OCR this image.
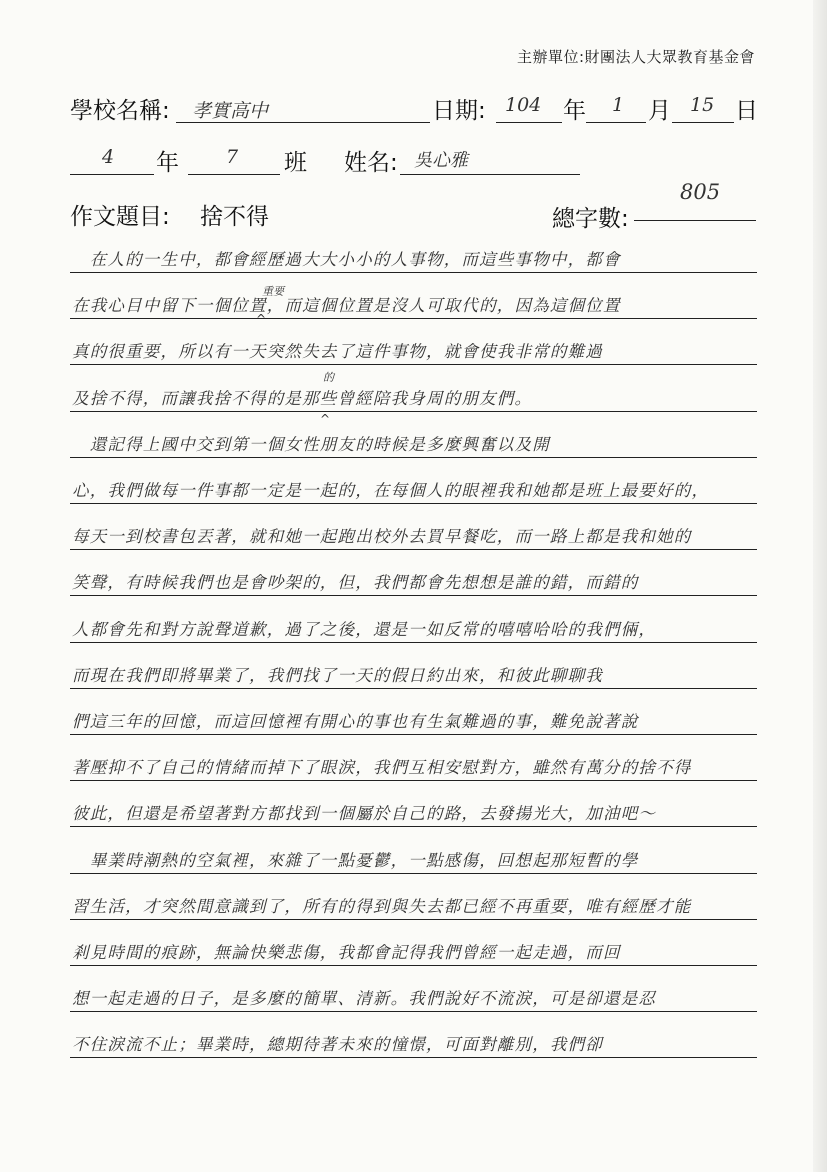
主辦單位:財團法人大眾教育基金會
學校名稱: 孝實高中	日期: 104 年 1 月 15 日
4 年 7 班 姓名: 吳心雅
作文題目: 捨不得	總字數:
805
　在人的一生中，都會經歷過大大小小的人事物，而這些事物中，都會
在我心目中留下一個位置，而這個位置是沒人可取代的，因為這個位置
真的很重要，所以有一天突然失去了這件事物，就會使我非常的難過
及捨不得，而讓我捨不得的是那些曾經陪我身周的朋友們。
　還記得上國中交到第一個女性朋友的時候是多麼興奮以及開
心，我們做每一件事都一定是一起的，在每個人的眼裡我和她都是班上最要好的，
每天一到校書包丟著，就和她一起跑出校外去買早餐吃，而一路上都是我和她的
笑聲，有時候我們也是會吵架的，但，我們都會先想想是誰的錯，而錯的
人都會先和對方說聲道歉，過了之後，還是一如反常的嘻嘻哈哈的我們倆，
而現在我們即將畢業了，我們找了一天的假日約出來，和彼此聊聊我
們這三年的回憶，而這回憶裡有開心的事也有生氣難過的事，難免說著說
著壓抑不了自己的情緒而掉下了眼淚，我們互相安慰對方，雖然有萬分的捨不得
彼此，但還是希望著對方都找到一個屬於自己的路，去發揚光大，加油吧～
　畢業時潮熱的空氣裡，來雜了一點憂鬱，一點感傷，回想起那短暫的學
習生活，才突然間意識到了，所有的得到與失去都已經不再重要，唯有經歷才能
剎見時間的痕跡，無論快樂悲傷，我都會記得我們曾經一起走過，而回
想一起走過的日子，是多麼的簡單、清新。我們說好不流淚，可是卻還是忍
不住淚流不止；畢業時，總期待著未來的憧憬，可面對離別，我們卻
重要
^
的
^
